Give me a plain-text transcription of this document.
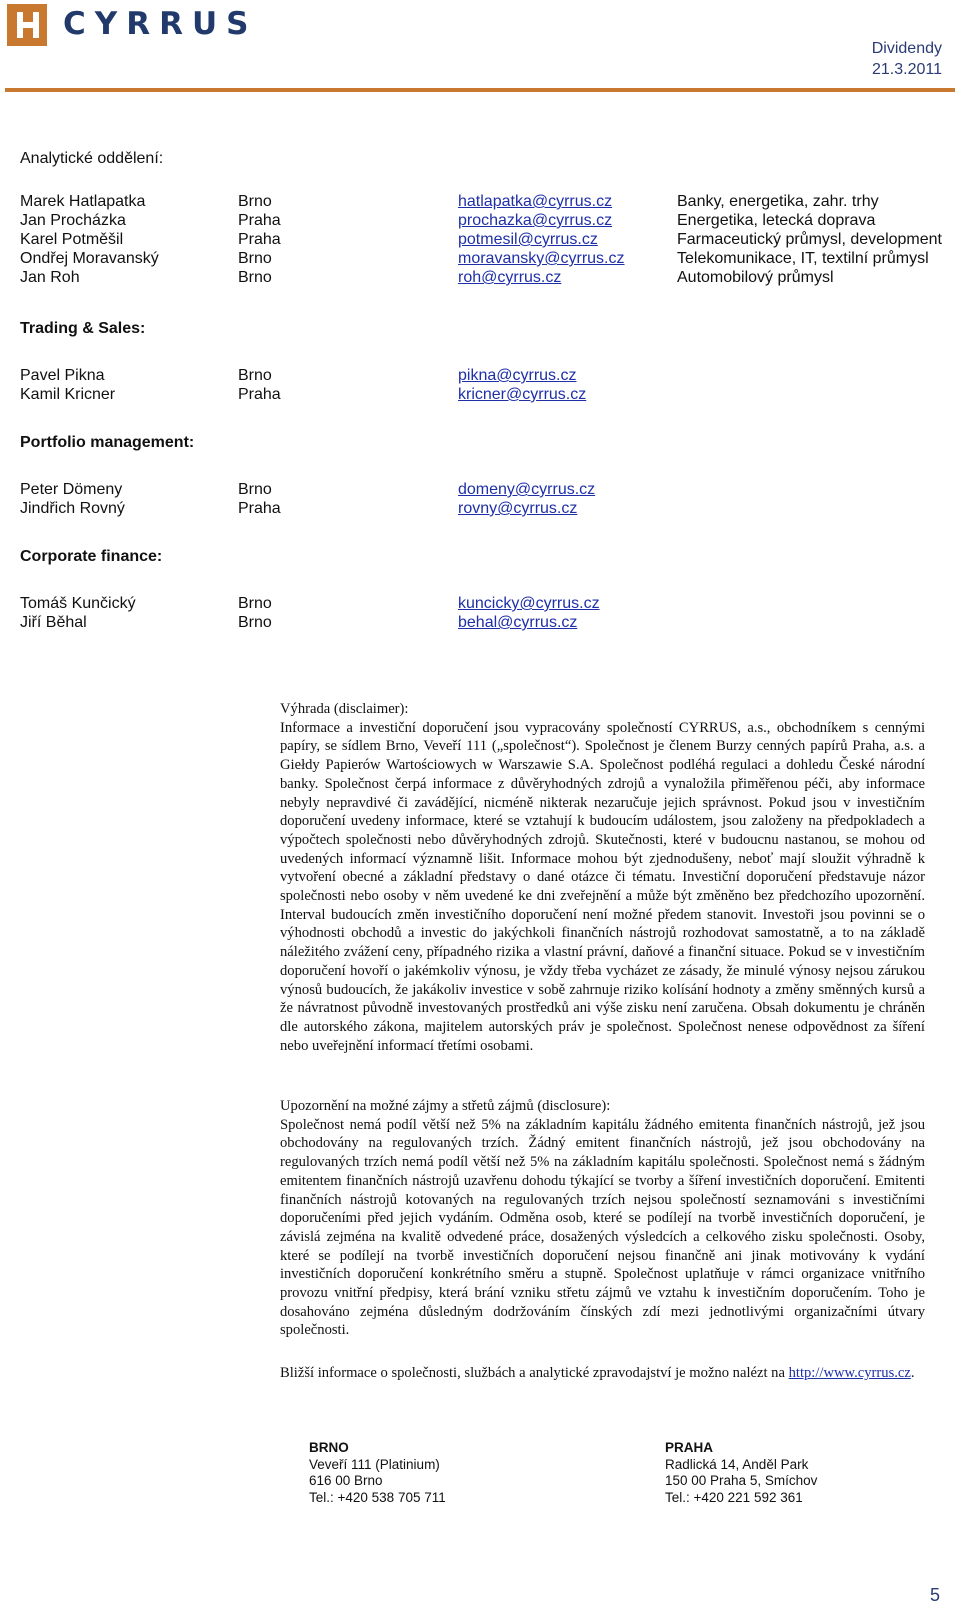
CYRRUS
Dividendy
21.3.2011
Analytické oddělení:
Marek Hatlapatka	Brno	hatlapatka@cyrrus.cz	Banky, energetika, zahr. trhy
Jan Procházka	Praha	prochazka@cyrrus.cz	Energetika, letecká doprava
Karel Potměšil	Praha	potmesil@cyrrus.cz	Farmaceutický průmysl, development
Ondřej Moravanský	Brno	moravansky@cyrrus.cz	Telekomunikace, IT, textilní průmysl
Jan Roh	Brno	roh@cyrrus.cz	Automobilový průmysl
Trading & Sales:
Pavel Pikna	Brno	pikna@cyrrus.cz
Kamil Kricner	Praha	kricner@cyrrus.cz
Portfolio management:
Peter Dömeny	Brno	domeny@cyrrus.cz
Jindřich Rovný	Praha	rovny@cyrrus.cz
Corporate finance:
Tomáš Kunčický	Brno	kuncicky@cyrrus.cz
Jiří Běhal	Brno	behal@cyrrus.cz

Výhrada (disclaimer):

Informace a investiční doporučení jsou vypracovány společností CYRRUS, a.s., obchodníkem s cennými papíry, se sídlem Brno, Veveří 111 („společnost“). Společnost je členem Burzy cenných papírů Praha, a.s. a Giełdy Papierów Wartościowych w Warszawie S.A. Společnost podléhá regulaci a dohledu České národní banky. Společnost čerpá informace z důvěryhodných zdrojů a vynaložila přiměřenou péči, aby informace nebyly nepravdivé či zavádějící, nicméně nikterak nezaručuje jejich správnost. Pokud jsou v investičním doporučení uvedeny informace, které se vztahují k budoucím událostem, jsou založeny na předpokladech a výpočtech společnosti nebo důvěryhodných zdrojů. Skutečnosti, které v budoucnu nastanou, se mohou od uvedených informací významně lišit. Informace mohou být zjednodušeny, neboť mají sloužit výhradně k vytvoření obecné a základní představy o dané otázce či tématu. Investiční doporučení představuje názor společnosti nebo osoby v něm uvedené ke dni zveřejnění a může být změněno bez předchozího upozornění. Interval budoucích změn investičního doporučení není možné předem stanovit. Investoři jsou povinni se o výhodnosti obchodů a investic do jakýchkoli finančních nástrojů rozhodovat samostatně, a to na základě náležitého zvážení ceny, případného rizika a vlastní právní, daňové a finanční situace. Pokud se v investičním doporučení hovoří o jakémkoliv výnosu, je vždy třeba vycházet ze zásady, že minulé výnosy nejsou zárukou výnosů budoucích, že jakákoliv investice v sobě zahrnuje riziko kolísání hodnoty a změny směnných kursů a že návratnost původně investovaných prostředků ani výše zisku není zaručena. Obsah dokumentu je chráněn dle autorského zákona, majitelem autorských práv je společnost. Společnost nenese odpovědnost za šíření nebo uveřejnění informací třetími osobami.

Upozornění na možné zájmy a střetů zájmů (disclosure):

Společnost nemá podíl větší než 5% na základním kapitálu žádného emitenta finančních nástrojů, jež jsou obchodovány na regulovaných trzích. Žádný emitent finančních nástrojů, jež jsou obchodovány na regulovaných trzích nemá podíl větší než 5% na základním kapitálu společnosti. Společnost nemá s žádným emitentem finančních nástrojů uzavřenu dohodu týkající se tvorby a šíření investičních doporučení. Emitenti finančních nástrojů kotovaných na regulovaných trzích nejsou společností seznamováni s investičními doporučeními před jejich vydáním. Odměna osob, které se podílejí na tvorbě investičních doporučení, je závislá zejména na kvalitě odvedené práce, dosažených výsledcích a celkového zisku společnosti. Osoby, které se podílejí na tvorbě investičních doporučení nejsou finančně ani jinak motivovány k vydání investičních doporučení konkrétního směru a stupně. Společnost uplatňuje v rámci organizace vnitřního provozu vnitřní předpisy, která brání vzniku střetu zájmů ve vztahu k investičním doporučením. Toho je dosahováno zejména důsledným dodržováním čínských zdí mezi jednotlivými organizačními útvary společnosti.

Bližší informace o společnosti, službách a analytické zpravodajství je možno nalézt na http://www.cyrrus.cz.

BRNO
Veveří 111 (Platinium)
616 00 Brno
Tel.: +420 538 705 711
PRAHA
Radlická 14, Anděl Park
150 00 Praha 5, Smíchov
Tel.: +420 221 592 361
5
